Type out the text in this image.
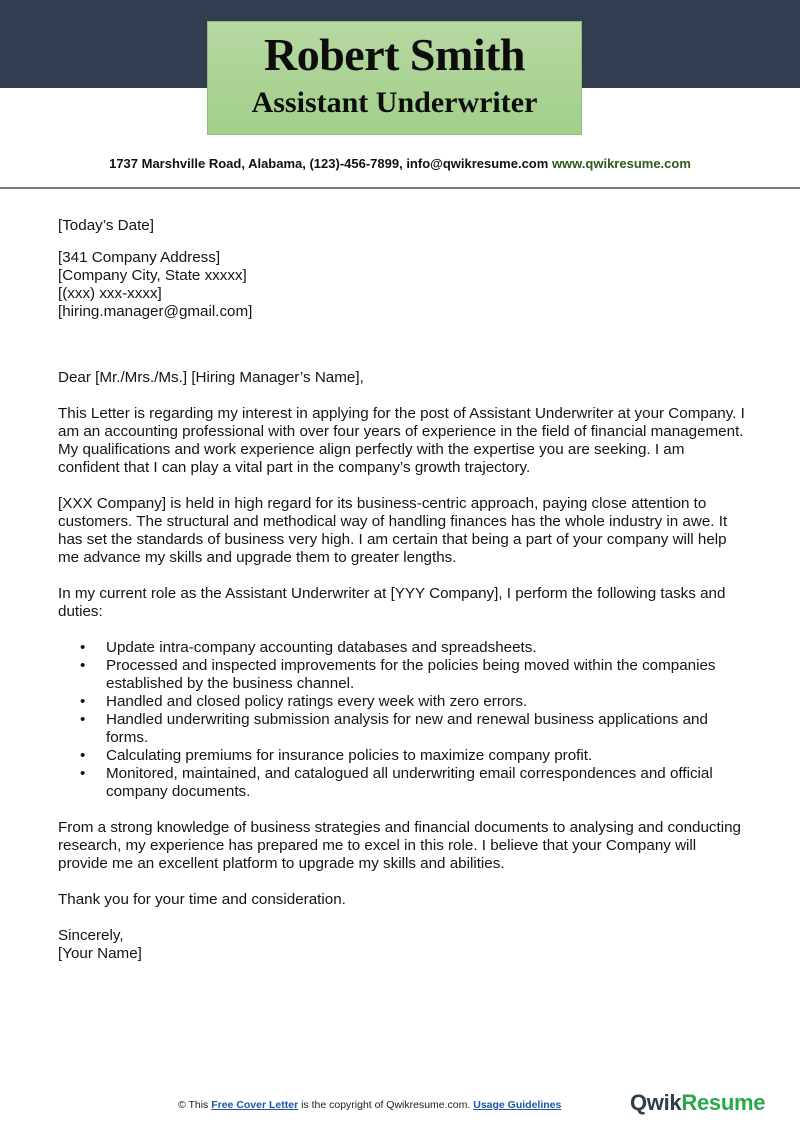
Robert Smith
Assistant Underwriter
1737 Marshville Road, Alabama, (123)-456-7899, info@qwikresume.com www.qwikresume.com

[Today’s Date]

[341 Company Address]

[Company City, State xxxxx]

[(xxx) xxx-xxxx]

[hiring.manager@gmail.com]

Dear [Mr./Mrs./Ms.] [Hiring Manager’s Name],

This Letter is regarding my interest in applying for the post of Assistant Underwriter at your Company. I am an accounting professional with over four years of experience in the field of financial management. My qualifications and work experience align perfectly with the expertise you are seeking. I am confident that I can play a vital part in the company’s growth trajectory.

[XXX Company] is held in high regard for its business-centric approach, paying close attention to customers. The structural and methodical way of handling finances has the whole industry in awe. It has set the standards of business very high. I am certain that being a part of your company will help me advance my skills and upgrade them to greater lengths.

In my current role as the Assistant Underwriter at [YYY Company], I perform the following tasks and duties:

• Update intra-company accounting databases and spreadsheets.
• Processed and inspected improvements for the policies being moved within the companies established by the business channel.
• Handled and closed policy ratings every week with zero errors.
• Handled underwriting submission analysis for new and renewal business applications and forms.
• Calculating premiums for insurance policies to maximize company profit.
• Monitored, maintained, and catalogued all underwriting email correspondences and official company documents.

From a strong knowledge of business strategies and financial documents to analysing and conducting research, my experience has prepared me to excel in this role. I believe that your Company will provide me an excellent platform to upgrade my skills and abilities.

Thank you for your time and consideration.

Sincerely,

[Your Name]

© This Free Cover Letter is the copyright of Qwikresume.com. Usage Guidelines	QwikResume
